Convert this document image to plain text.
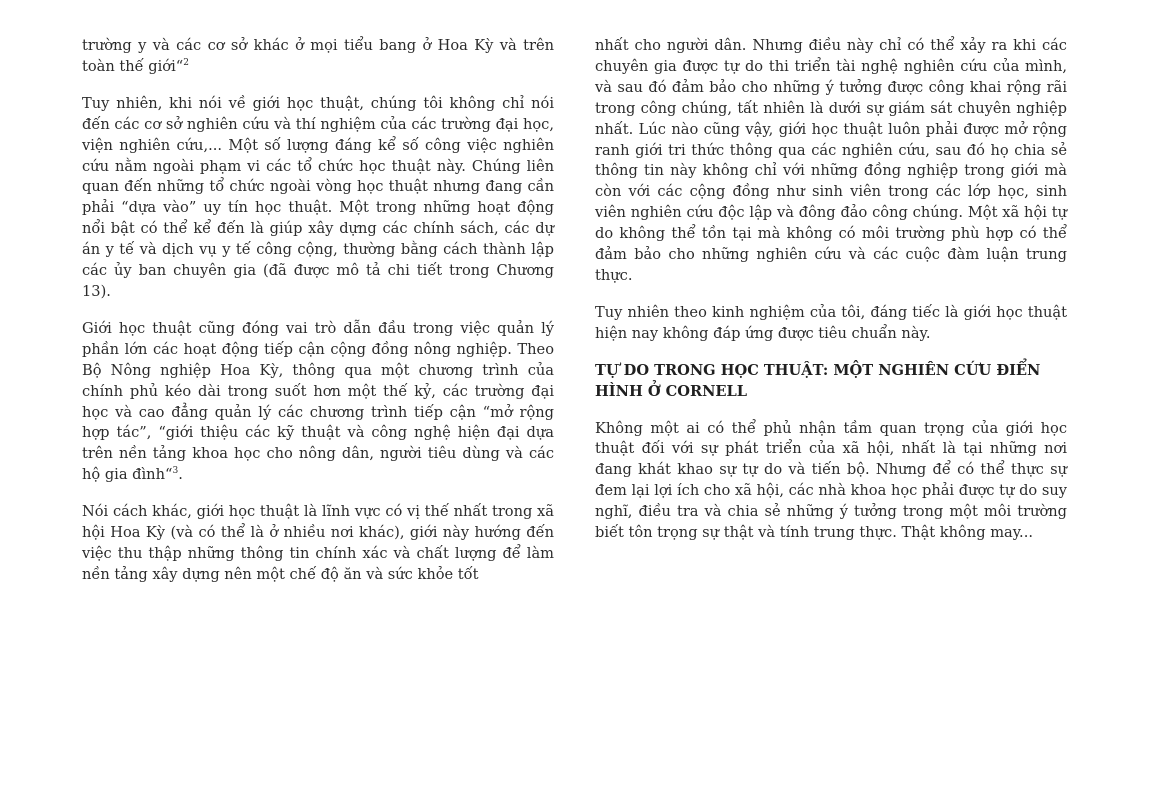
trường y và các cơ sở khác ở mọi tiểu bang ở Hoa Kỳ và trên toàn thế giới“$^2$

Tuy nhiên, khi nói về giới học thuật, chúng tôi không chỉ nói đến các cơ sở nghiên cứu và thí nghiệm của các trường đại học, viện nghiên cứu,... Một số lượng đáng kể số công việc nghiên cứu nằm ngoài phạm vi các tổ chức học thuật này. Chúng liên quan đến những tổ chức ngoài vòng học thuật nhưng đang cần phải “dựa vào” uy tín học thuật. Một trong những hoạt động nổi bật có thể kể đến là giúp xây dựng các chính sách, các dự án y tế và dịch vụ y tế công cộng, thường bằng cách thành lập các ủy ban chuyên gia (đã được mô tả chi tiết trong Chương 13).

Giới học thuật cũng đóng vai trò dẫn đầu trong việc quản lý phần lớn các hoạt động tiếp cận cộng đồng nông nghiệp. Theo Bộ Nông nghiệp Hoa Kỳ, thông qua một chương trình của chính phủ kéo dài trong suốt hơn một thế kỷ, các trường đại học và cao đẳng quản lý các chương trình tiếp cận “mở rộng hợp tác”, “giới thiệu các kỹ thuật và công nghệ hiện đại dựa trên nền tảng khoa học cho nông dân, người tiêu dùng và các hộ gia đình“$^3$.

Nói cách khác, giới học thuật là lĩnh vực có vị thế nhất trong xã hội Hoa Kỳ (và có thể là ở nhiều nơi khác), giới này hướng đến việc thu thập những thông tin chính xác và chất lượng để làm nền tảng xây dựng nên một chế độ ăn và sức khỏe tốt

nhất cho người dân. Nhưng điều này chỉ có thể xảy ra khi các chuyên gia được tự do thi triển tài nghệ nghiên cứu của mình, và sau đó đảm bảo cho những ý tưởng được công khai rộng rãi trong công chúng, tất nhiên là dưới sự giám sát chuyên nghiệp nhất. Lúc nào cũng vậy, giới học thuật luôn phải được mở rộng ranh giới tri thức thông qua các nghiên cứu, sau đó họ chia sẻ thông tin này không chỉ với những đồng nghiệp trong giới mà còn với các cộng đồng như sinh viên trong các lớp học, sinh viên nghiên cứu độc lập và đông đảo công chúng. Một xã hội tự do không thể tồn tại mà không có môi trường phù hợp có thể đảm bảo cho những nghiên cứu và các cuộc đàm luận trung thực.

Tuy nhiên theo kinh nghiệm của tôi, đáng tiếc là giới học thuật hiện nay không đáp ứng được tiêu chuẩn này.

TỰ DO TRONG HỌC THUẬT: MỘT NGHIÊN CỨU ĐIỂN HÌNH Ở CORNELL

Không một ai có thể phủ nhận tầm quan trọng của giới học thuật đối với sự phát triển của xã hội, nhất là tại những nơi đang khát khao sự tự do và tiến bộ. Nhưng để có thể thực sự đem lại lợi ích cho xã hội, các nhà khoa học phải được tự do suy nghĩ, điều tra và chia sẻ những ý tưởng trong một môi trường biết tôn trọng sự thật và tính trung thực. Thật không may...
